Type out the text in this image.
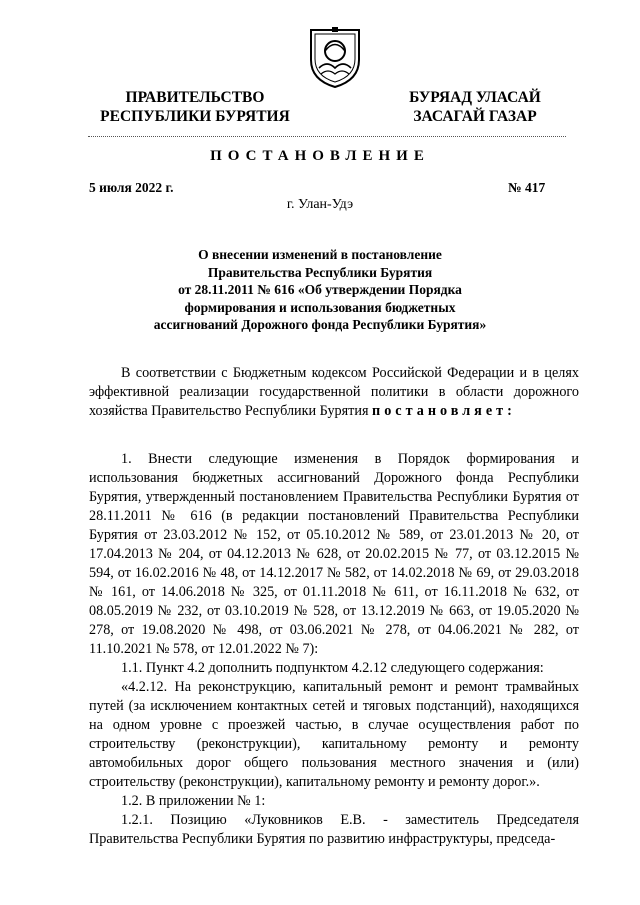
ПРАВИТЕЛЬСТВО
РЕСПУБЛИКИ БУРЯТИЯ
БУРЯАД УЛАСАЙ
ЗАСАГАЙ ГАЗАР
ПОСТАНОВЛЕНИЕ
5 июля 2022 г.	№ 417
г. Улан-Удэ
О внесении изменений в постановление
Правительства Республики Бурятия
от 28.11.2011 № 616 «Об утверждении Порядка
формирования и использования бюджетных
ассигнований Дорожного фонда Республики Бурятия»

В соответствии с Бюджетным кодексом Российской Федерации и в целях эффективной реализации государственной политики в области дорожного хозяйства Правительство Республики Бурятия постановляет:

1. Внести следующие изменения в Порядок формирования и использования бюджетных ассигнований Дорожного фонда Республики Бурятия, утвержденный постановлением Правительства Республики Бурятия от 28.11.2011 № 616 (в редакции постановлений Правительства Республики Бурятия от 23.03.2012 № 152, от 05.10.2012 № 589, от 23.01.2013 № 20, от 17.04.2013 № 204, от 04.12.2013 № 628, от 20.02.2015 № 77, от 03.12.2015 № 594, от 16.02.2016 № 48, от 14.12.2017 № 582, от 14.02.2018 № 69, от 29.03.2018 № 161, от 14.06.2018 № 325, от 01.11.2018 № 611, от 16.11.2018 № 632, от 08.05.2019 № 232, от 03.10.2019 № 528, от 13.12.2019 № 663, от 19.05.2020 № 278, от 19.08.2020 № 498, от 03.06.2021 № 278, от 04.06.2021 № 282, от 11.10.2021 № 578, от 12.01.2022 № 7):

1.1. Пункт 4.2 дополнить подпунктом 4.2.12 следующего содержания:

«4.2.12. На реконструкцию, капитальный ремонт и ремонт трамвайных путей (за исключением контактных сетей и тяговых подстанций), находящихся на одном уровне с проезжей частью, в случае осуществления работ по строительству (реконструкции), капитальному ремонту и ремонту автомобильных дорог общего пользования местного значения и (или) строительству (реконструкции), капитальному ремонту и ремонту дорог.».

1.2. В приложении № 1:

1.2.1. Позицию «Луковников Е.В. - заместитель Председателя Правительства Республики Бурятия по развитию инфраструктуры, председа-
